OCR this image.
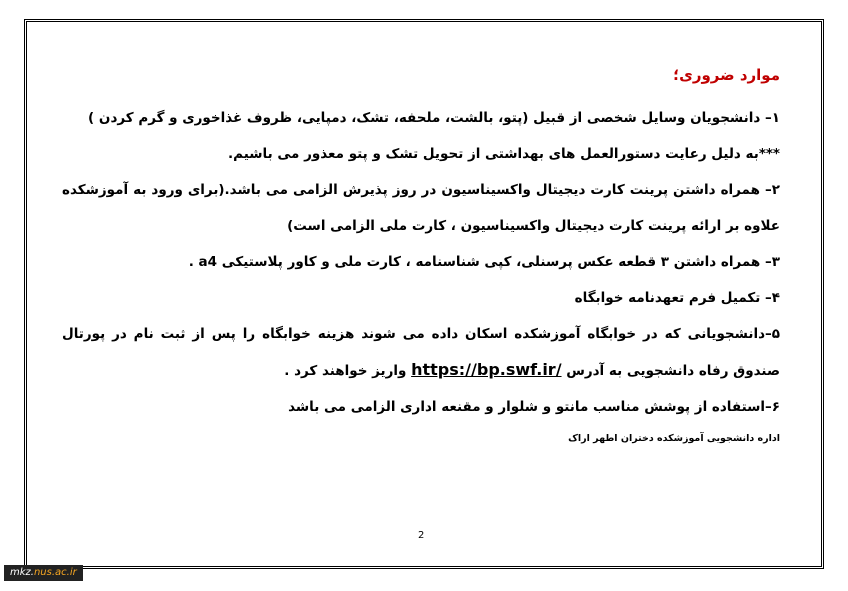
موارد ضروری؛

۱– دانشجویان وسایل شخصی از قبیل (پتو، بالشت، ملحفه، تشک، دمپایی، ظروف غذاخوری و گرم کردن )

***به دلیل رعایت دستورالعمل های بهداشتی از تحویل تشک و پتو معذور می باشیم.

۲– همراه داشتن پرینت کارت دیجیتال واکسیناسیون در روز پذیرش الزامی می باشد.(برای ورود به آموزشکده علاوه بر ارائه پرینت کارت دیجیتال واکسیناسیون ، کارت ملی الزامی است)

۳– همراه داشتن ۳ قطعه عکس پرسنلی، کپی شناسنامه ، کارت ملی و کاور پلاستیکی a4 .

۴– تکمیل فرم تعهدنامه خوابگاه

۵–دانشجویانی که در خوابگاه آموزشکده اسکان داده می شوند هزینه خوابگاه را پس از ثبت نام در پورتال صندوق رفاه دانشجویی به آدرس https://bp.swf.ir/ واریز خواهند کرد .

۶–استفاده از پوشش مناسب مانتو و شلوار و مقنعه اداری الزامی می باشد

اداره دانشجویی آموزشکده دختران اطهر اراک

2
mkz.nus.ac.ir
